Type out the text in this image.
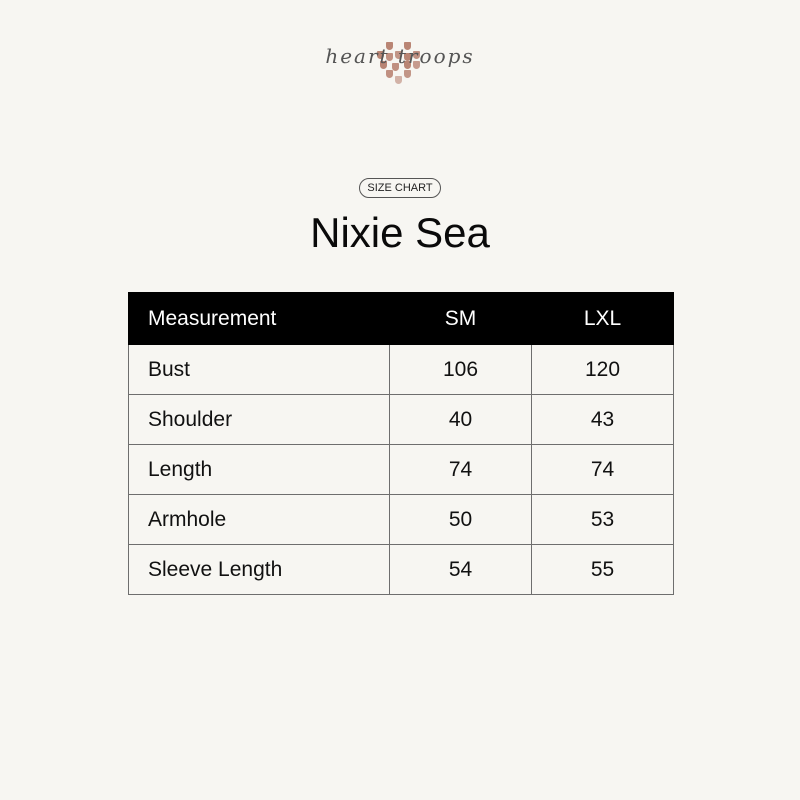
heart troops
SIZE CHART
Nixie Sea
Measurement	SM	LXL
Bust	106	120
Shoulder	40	43
Length	74	74
Armhole	50	53
Sleeve Length	54	55
